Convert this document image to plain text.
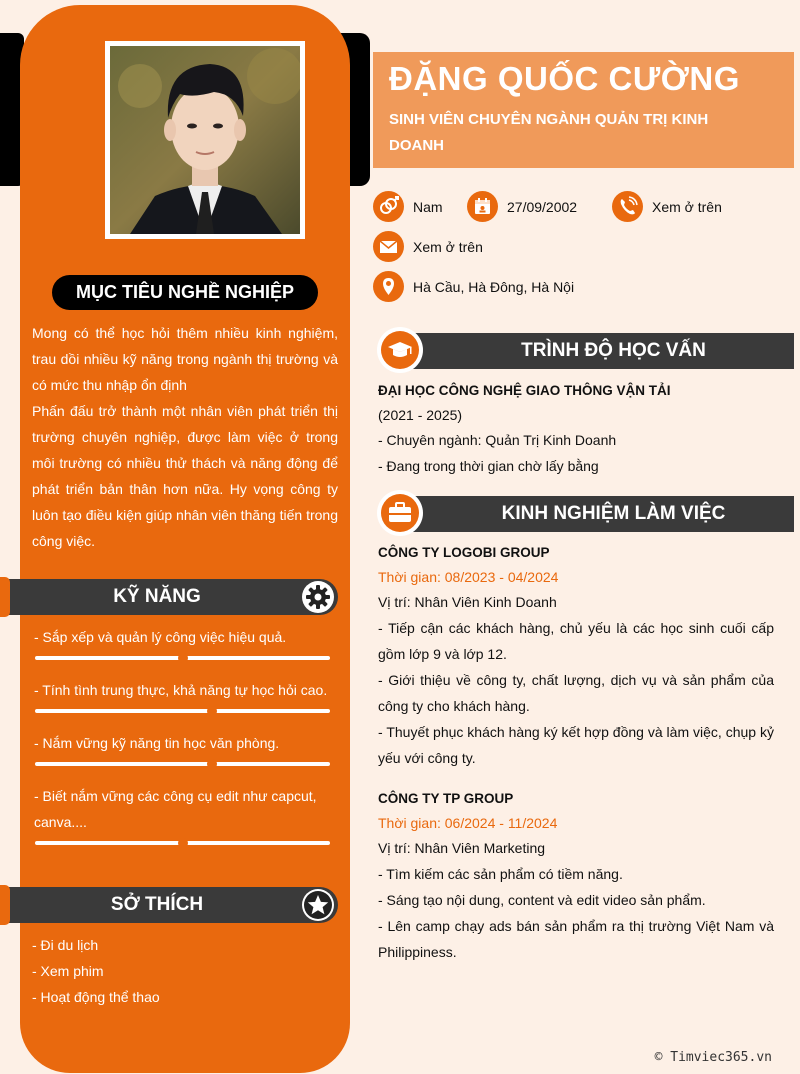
MỤC TIÊU NGHỀ NGHIỆP

Mong có thể học hỏi thêm nhiều kinh nghiệm, trau dồi nhiều kỹ năng trong ngành thị trường và có mức thu nhập ổn định

Phấn đấu trở thành một nhân viên phát triển thị trường chuyên nghiệp, được làm việc ở trong môi trường có nhiều thử thách và năng động để phát triển bản thân hơn nữa. Hy vọng công ty luôn tạo điều kiện giúp nhân viên thăng tiến trong công việc.

KỸ NĂNG
- Sắp xếp và quản lý công việc hiệu quả.
- Tính tình trung thực, khả năng tự học hỏi cao.
- Nắm vững kỹ năng tin học văn phòng.
- Biết nắm vững các công cụ edit như capcut, canva....
SỞ THÍCH
- Đi du lịch
- Xem phim
- Hoạt động thể thao
ĐẶNG QUỐC CƯỜNG
SINH VIÊN CHUYÊN NGÀNH QUẢN TRỊ KINH DOANH
Nam	27/09/2002	Xem ở trên
Xem ở trên
Hà Cầu, Hà Đông, Hà Nội
TRÌNH ĐỘ HỌC VẤN
ĐẠI HỌC CÔNG NGHỆ GIAO THÔNG VẬN TẢI
(2021 - 2025)
- Chuyên ngành: Quản Trị Kinh Doanh
- Đang trong thời gian chờ lấy bằng
KINH NGHIỆM LÀM VIỆC
CÔNG TY LOGOBI GROUP
Thời gian: 08/2023 - 04/2024
Vị trí: Nhân Viên Kinh Doanh

- Tiếp cận các khách hàng, chủ yếu là các học sinh cuối cấp gồm lớp 9 và lớp 12.

- Giới thiệu về công ty, chất lượng, dịch vụ và sản phẩm của công ty cho khách hàng.

- Thuyết phục khách hàng ký kết hợp đồng và làm việc, chụp kỷ yếu với công ty.

CÔNG TY TP GROUP
Thời gian: 06/2024 - 11/2024
Vị trí: Nhân Viên Marketing

- Tìm kiếm các sản phẩm có tiềm năng.

- Sáng tạo nội dung, content và edit video sản phẩm.

- Lên camp chạy ads bán sản phẩm ra thị trường Việt Nam và Philippiness.

© Timviec365.vn
